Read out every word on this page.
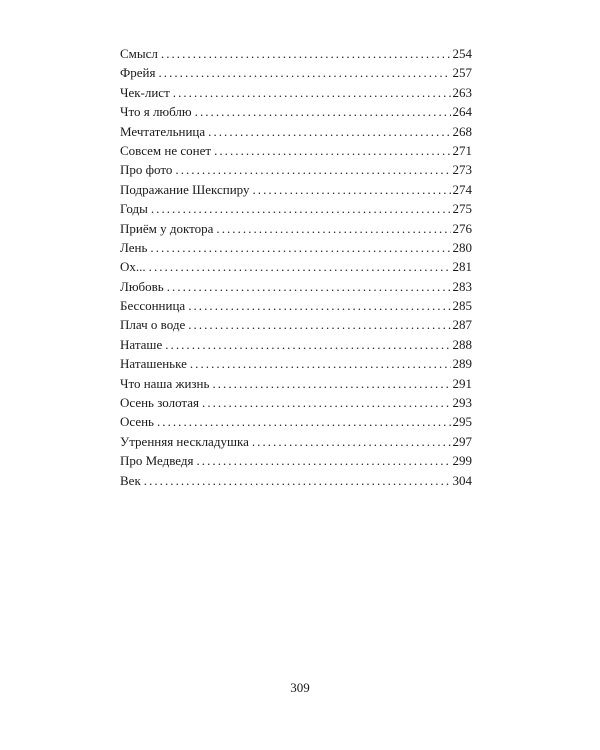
Смысл . . .	254
Фрейя . . .	257
Чек-лист . . .	263
Что я люблю . . .	264
Мечтательница . . .	268
Совсем не сонет . . .	271
Про фото . . .	273
Подражание Шекспиру . . .	274
Годы . . .	275
Приём у доктора . . .	276
Лень . . .	280
Ох... . . .	281
Любовь . . .	283
Бессонница . . .	285
Плач о воде . . .	287
Наташе . . .	288
Наташеньке . . .	289
Что наша жизнь . . .	291
Осень золотая . . .	293
Осень . . .	295
Утренняя нескладушка . . .	297
Про Медведя . . .	299
Век . . .	304
309
